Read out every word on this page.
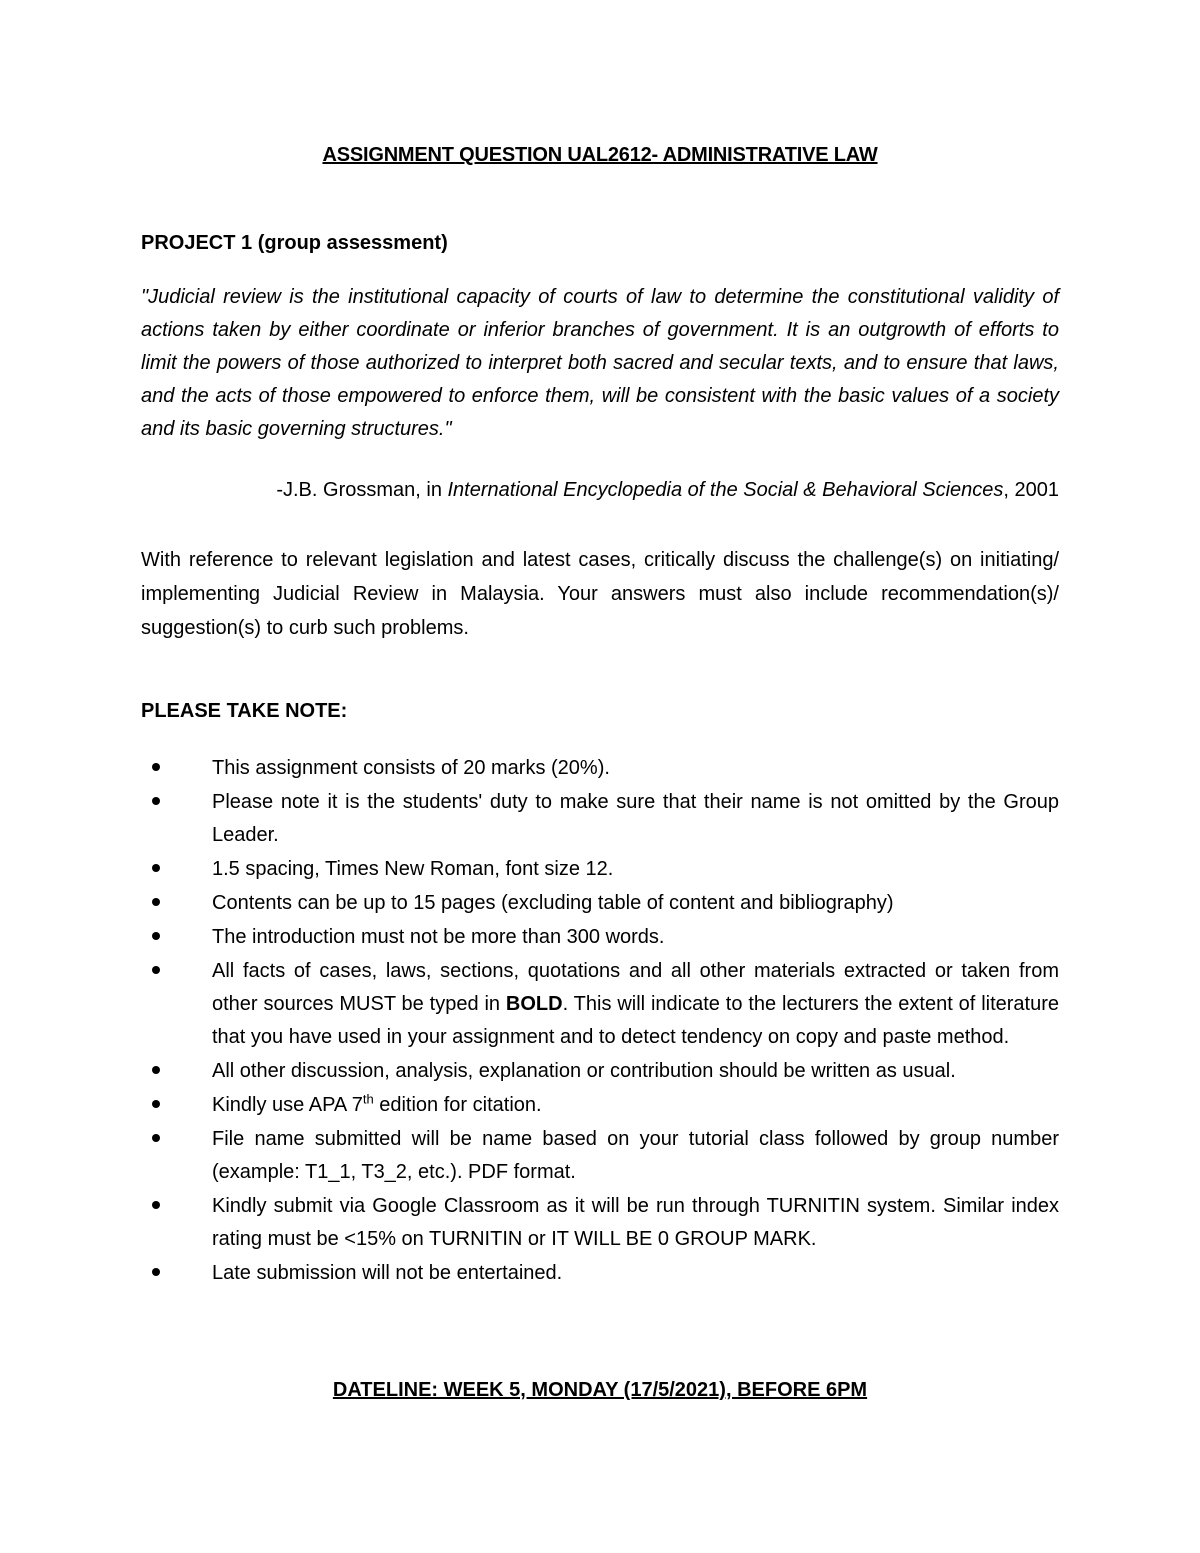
ASSIGNMENT QUESTION UAL2612- ADMINISTRATIVE LAW
PROJECT 1 (group assessment)

"Judicial review is the institutional capacity of courts of law to determine the constitutional validity of actions taken by either coordinate or inferior branches of government. It is an outgrowth of efforts to limit the powers of those authorized to interpret both sacred and secular texts, and to ensure that laws, and the acts of those empowered to enforce them, will be consistent with the basic values of a society and its basic governing structures."

-J.B. Grossman, in International Encyclopedia of the Social & Behavioral Sciences, 2001

With reference to relevant legislation and latest cases, critically discuss the challenge(s) on initiating/ implementing Judicial Review in Malaysia. Your answers must also include recommendation(s)/ suggestion(s) to curb such problems.

PLEASE TAKE NOTE:
This assignment consists of 20 marks (20%).
Please note it is the students' duty to make sure that their name is not omitted by the Group Leader.
1.5 spacing, Times New Roman, font size 12.
Contents can be up to 15 pages (excluding table of content and bibliography)
The introduction must not be more than 300 words.
All facts of cases, laws, sections, quotations and all other materials extracted or taken from other sources MUST be typed in BOLD. This will indicate to the lecturers the extent of literature that you have used in your assignment and to detect tendency on copy and paste method.
All other discussion, analysis, explanation or contribution should be written as usual.
Kindly use APA 7th edition for citation.
File name submitted will be name based on your tutorial class followed by group number (example: T1_1, T3_2, etc.). PDF format.
Kindly submit via Google Classroom as it will be run through TURNITIN system. Similar index rating must be <15% on TURNITIN or IT WILL BE 0 GROUP MARK.
Late submission will not be entertained.
DATELINE: WEEK 5, MONDAY (17/5/2021), BEFORE 6PM
